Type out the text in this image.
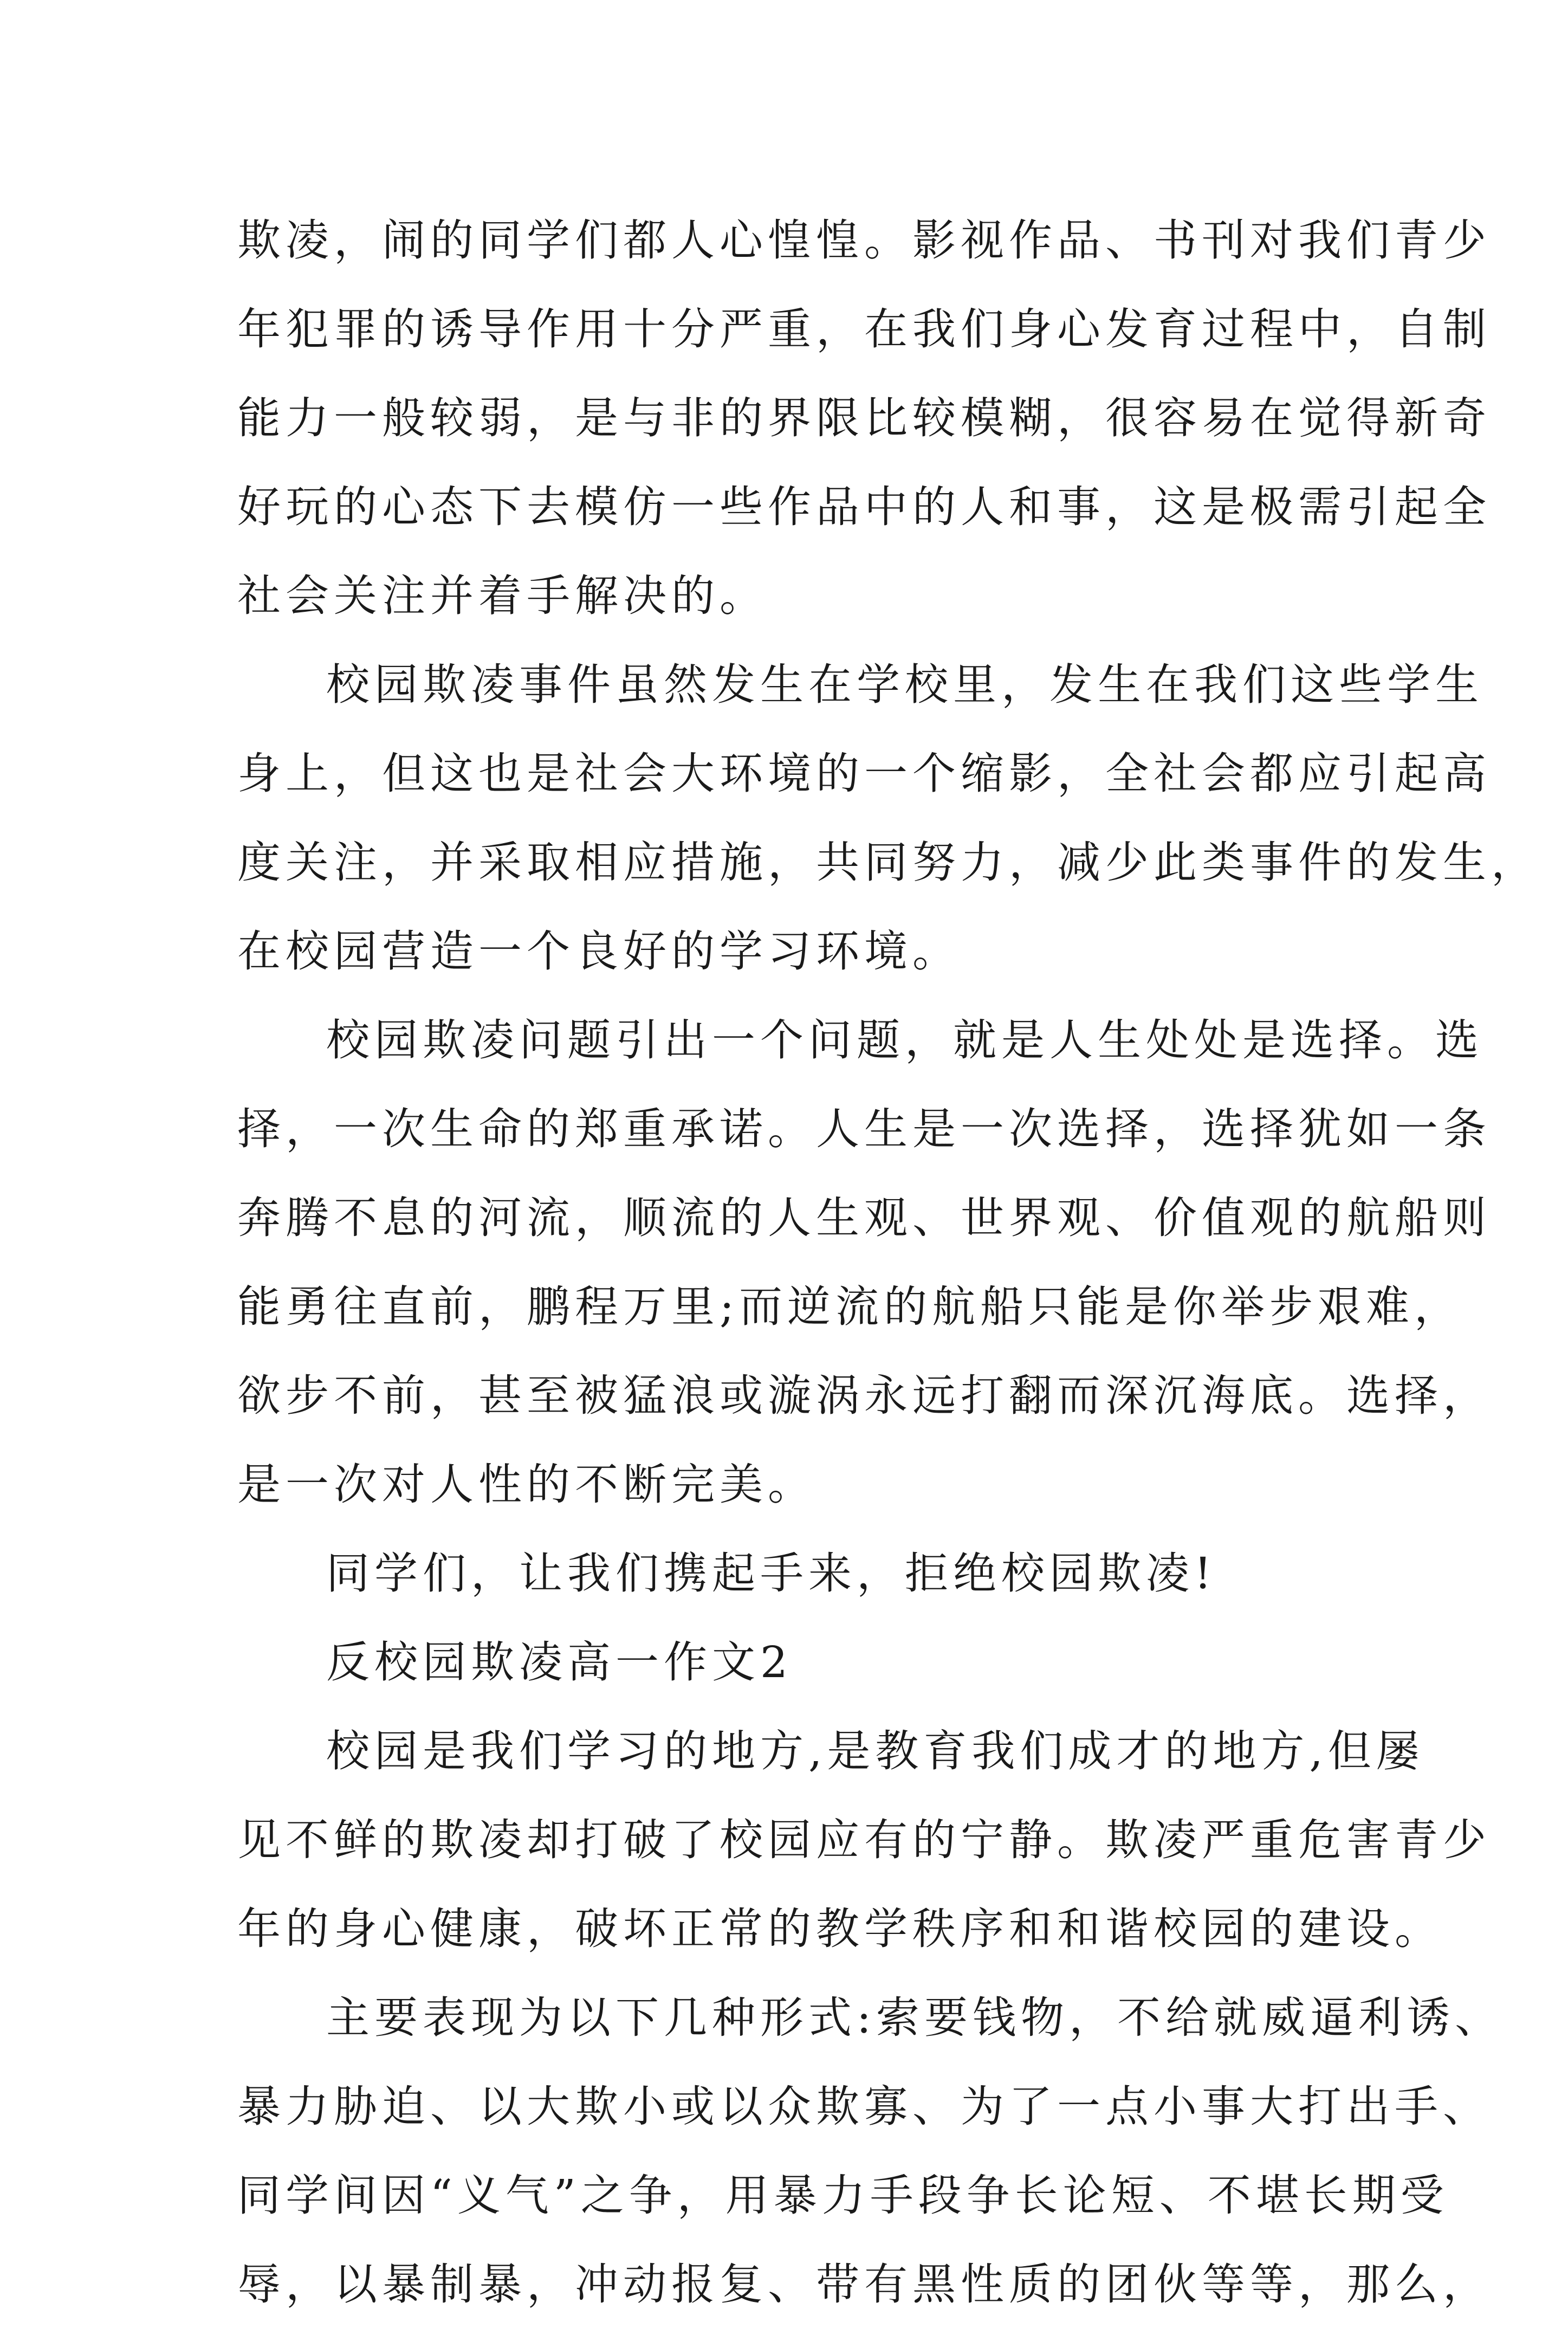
欺凌，闹的同学们都人心惶惶。影视作品、书刊对我们青少
年犯罪的诱导作用十分严重，在我们身心发育过程中，自制
能力一般较弱，是与非的界限比较模糊，很容易在觉得新奇
好玩的心态下去模仿一些作品中的人和事，这是极需引起全
社会关注并着手解决的。
校园欺凌事件虽然发生在学校里，发生在我们这些学生
身上，但这也是社会大环境的一个缩影，全社会都应引起高
度关注，并采取相应措施，共同努力，减少此类事件的发生，
在校园营造一个良好的学习环境。
校园欺凌问题引出一个问题，就是人生处处是选择。选
择，一次生命的郑重承诺。人生是一次选择，选择犹如一条
奔腾不息的河流，顺流的人生观、世界观、价值观的航船则
能勇往直前，鹏程万里;而逆流的航船只能是你举步艰难，
欲步不前，甚至被猛浪或漩涡永远打翻而深沉海底。选择，
是一次对人性的不断完美。
同学们，让我们携起手来，拒绝校园欺凌!
反校园欺凌高一作文2
校园是我们学习的地方,是教育我们成才的地方,但屡
见不鲜的欺凌却打破了校园应有的宁静。欺凌严重危害青少
年的身心健康，破坏正常的教学秩序和和谐校园的建设。
主要表现为以下几种形式:索要钱物，不给就威逼利诱、
暴力胁迫、以大欺小或以众欺寡、为了一点小事大打出手、
同学间因“义气”之争，用暴力手段争长论短、不堪长期受
辱，以暴制暴，冲动报复、带有黑性质的团伙等等，那么，
